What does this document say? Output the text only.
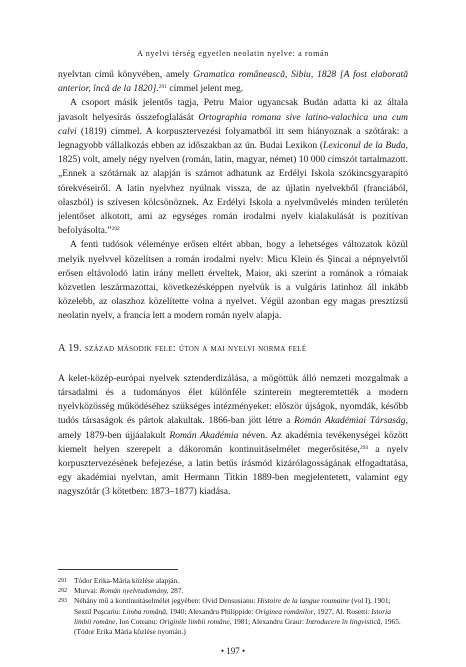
A nyelvi térség egyetlen neolatin nyelve: a román

nyelvtan című könyvében, amely Gramatica românească, Sibiu, 1828 [A fost elaborată anterior, încă de la 1820].$^{291}$ címmel jelent meg.

A csoport másik jelentős tagja, Petru Maior ugyancsak Budán adatta ki az általa javasolt helyesírás összefoglalását Ortographia romana sive latino-valachica una cum calvi (1819) címmel. A korpusztervezési folyamatból itt sem hiányoznak a szótárak: a legnagyobb vállalkozás ebben az időszakban az ún. Budai Lexikon (Lexiconul de la Buda, 1825) volt, amely négy nyelven (román, latin, magyar, német) 10 000 címszót tartalmazott. „Ennek a szótárnak az alapján is számot adhatunk az Erdélyi Iskola szókincsgyarapító törekvéseiről. A latin nyelvhez nyúlnak vissza, de az újlatin nyelvekből (franciából, olaszból) is szívesen kölcsönöznek. Az Erdélyi Iskola a nyelvművelés minden területén jelentőset alkotott, ami az egységes román irodalmi nyelv kialakulását is pozitívan befolyásolta.”$^{292}$

A fenti tudósok véleménye erősen eltért abban, hogy a lehetséges változatok közül melyik nyelvvel közelítsen a román irodalmi nyelv: Micu Klein és Şincai a népnyelvtől erősen eltávolodó latin irány mellett érveltek, Maior, aki szerint a románok a rómaiak közvetlen leszármazottai, következésképpen nyelvük is a vulgáris latinhoz áll inkább közelebb, az olaszhoz közelítette volna a nyelvet. Végül azonban egy magas presztízsű neolatin nyelv, a francia lett a modern román nyelv alapja.

A 19. század második fele: úton a mai nyelvi norma felé

A kelet-közép-európai nyelvek sztenderdizálása, a mögöttük álló nemzeti mozgalmak a társadalmi és a tudományos élet különféle színterein megteremtették a modern nyelvközösség működéséhez szükséges intézményeket: először újságok, nyomdák, később tudós társaságok és pártok alakultak. 1866-ban jött létre a Román Akadémiai Társaság, amely 1879-ben újjáalakult Román Akadémia néven. Az akadémia tevékenységei között kiemelt helyen szerepelt a dákoromán kontinuitáselmélet megerősítése,$^{293}$ a nyelv korpusztervezésének befejezése, a latin betűs írásmód kizárólagosságának elfogadtatása, egy akadémiai nyelvtan, amit Hermann Titkin 1889-ben megjelentetett, valamint egy nagyszótár (3 kötetben: 1873–1877) kiadása.

291 Tódor Erika-Mária közlése alapján.
292 Murvai: Román nyelvtudomány, 287.
293 Néhány mű a kontinuitáselmélet jegyében: Ovid Densusianu: Histoire de la langue roumaine (vol I), 1901; Sextil Puşcariu: Limba română, 1940; Alexandru Philippide: Originea românilor, 1927, Al. Rosetti: Istoria limbii române, Ion Coteanu: Originile limbii române, 1981; Alexandru Graur: Introducere în lingvistică, 1965. (Tódor Erika Mária közlése nyomán.)
• 197 •
